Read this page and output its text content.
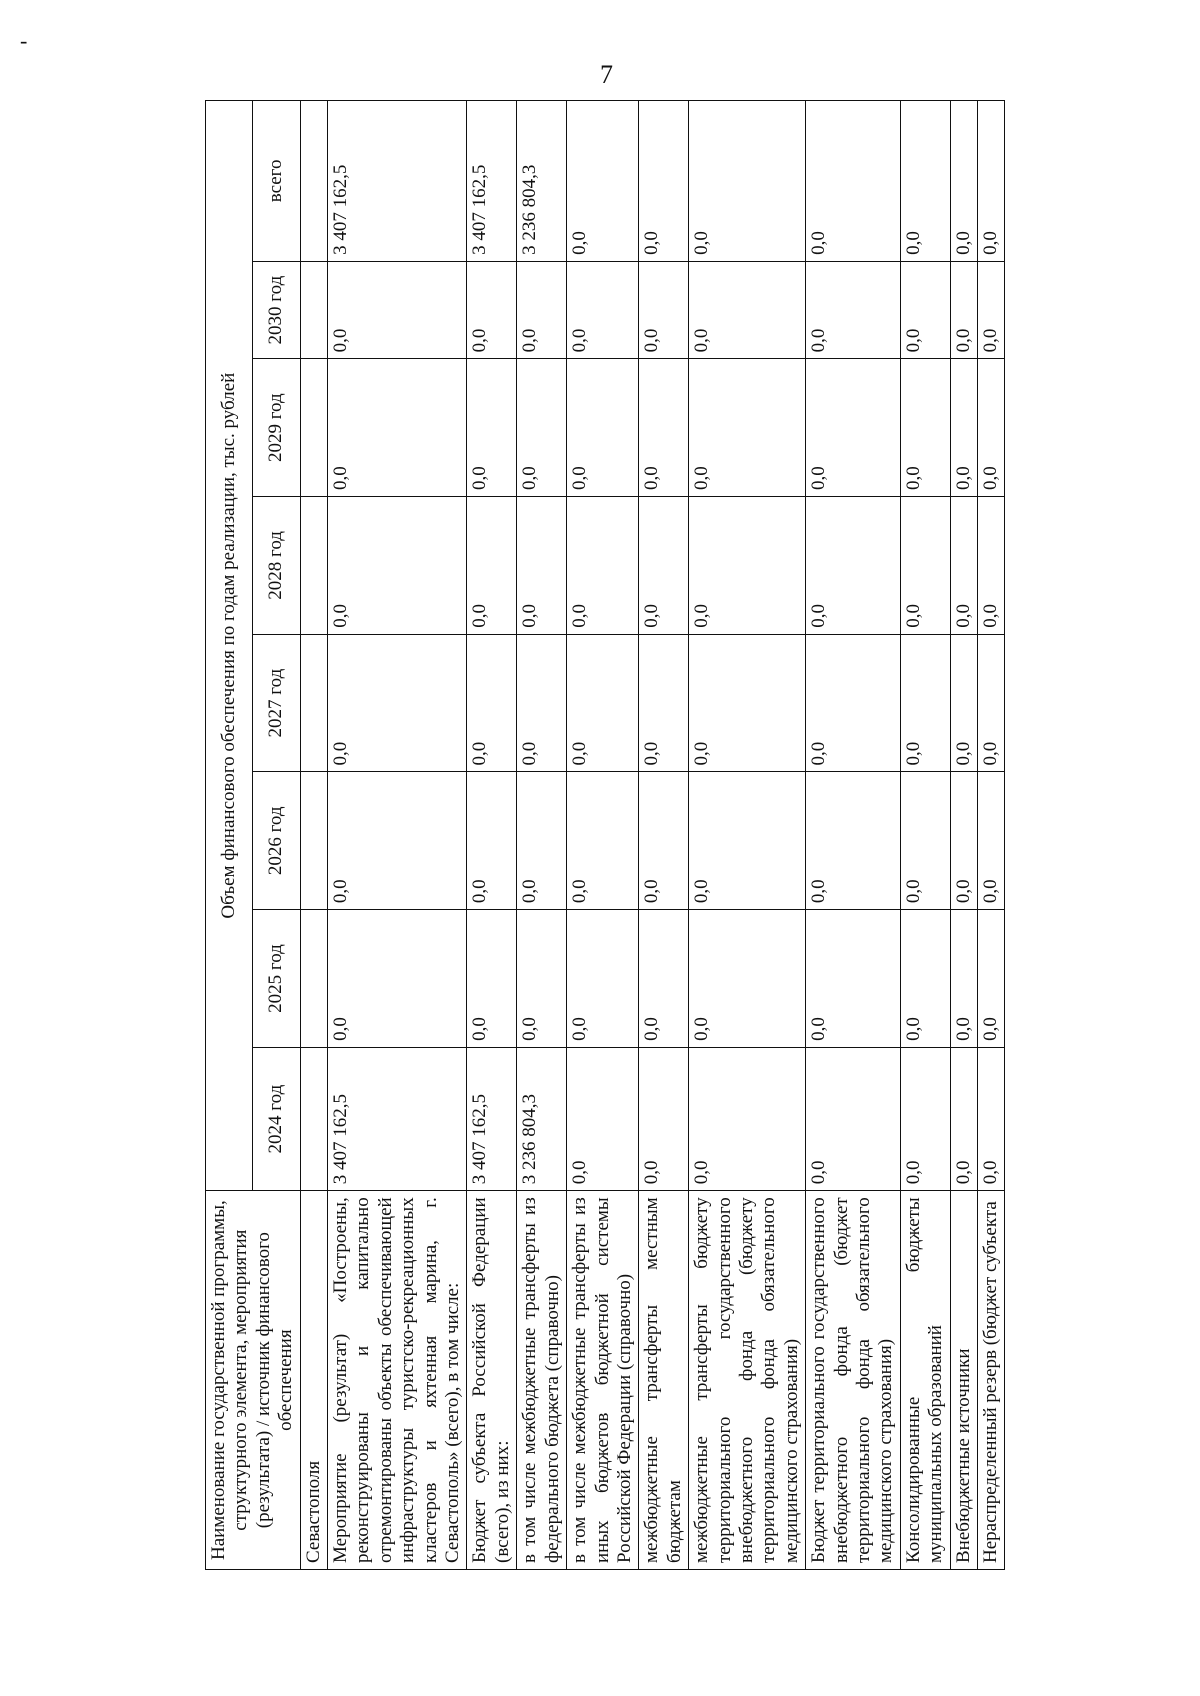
-
7
Наименование государственной программы, структурного элемента, мероприятия (результата) / источник финансового обеспечения	Объем финансового обеспечения по годам реализации, тыс. рублей							
	2024 год	2025 год	2026 год	2027 год	2028 год	2029 год	2030 год	всего
Севастополя								
Мероприятие (результат) «Построены, реконструированы и капитально отремонтированы объекты обеспечивающей инфраструктуры туристско-рекреационных кластеров и яхтенная марина, г. Севастополь» (всего), в том числе:	3 407 162,5	0,0	0,0	0,0	0,0	0,0	0,0	3 407 162,5
Бюджет субъекта Российской Федерации (всего), из них:	3 407 162,5	0,0	0,0	0,0	0,0	0,0	0,0	3 407 162,5
в том числе межбюджетные трансферты из федерального бюджета (справочно)	3 236 804,3	0,0	0,0	0,0	0,0	0,0	0,0	3 236 804,3
в том числе межбюджетные трансферты из иных бюджетов бюджетной системы Российской Федерации (справочно)	0,0	0,0	0,0	0,0	0,0	0,0	0,0	0,0
межбюджетные трансферты местным бюджетам	0,0	0,0	0,0	0,0	0,0	0,0	0,0	0,0
межбюджетные трансферты бюджету территориального государственного внебюджетного фонда (бюджету территориального фонда обязательного медицинского страхования)	0,0	0,0	0,0	0,0	0,0	0,0	0,0	0,0
Бюджет территориального государственного внебюджетного фонда (бюджет территориального фонда обязательного медицинского страхования)	0,0	0,0	0,0	0,0	0,0	0,0	0,0	0,0
Консолидированные бюджеты муниципальных образований	0,0	0,0	0,0	0,0	0,0	0,0	0,0	0,0
Внебюджетные источники	0,0	0,0	0,0	0,0	0,0	0,0	0,0	0,0
Нераспределенный резерв (бюджет субъекта	0,0	0,0	0,0	0,0	0,0	0,0	0,0	0,0
